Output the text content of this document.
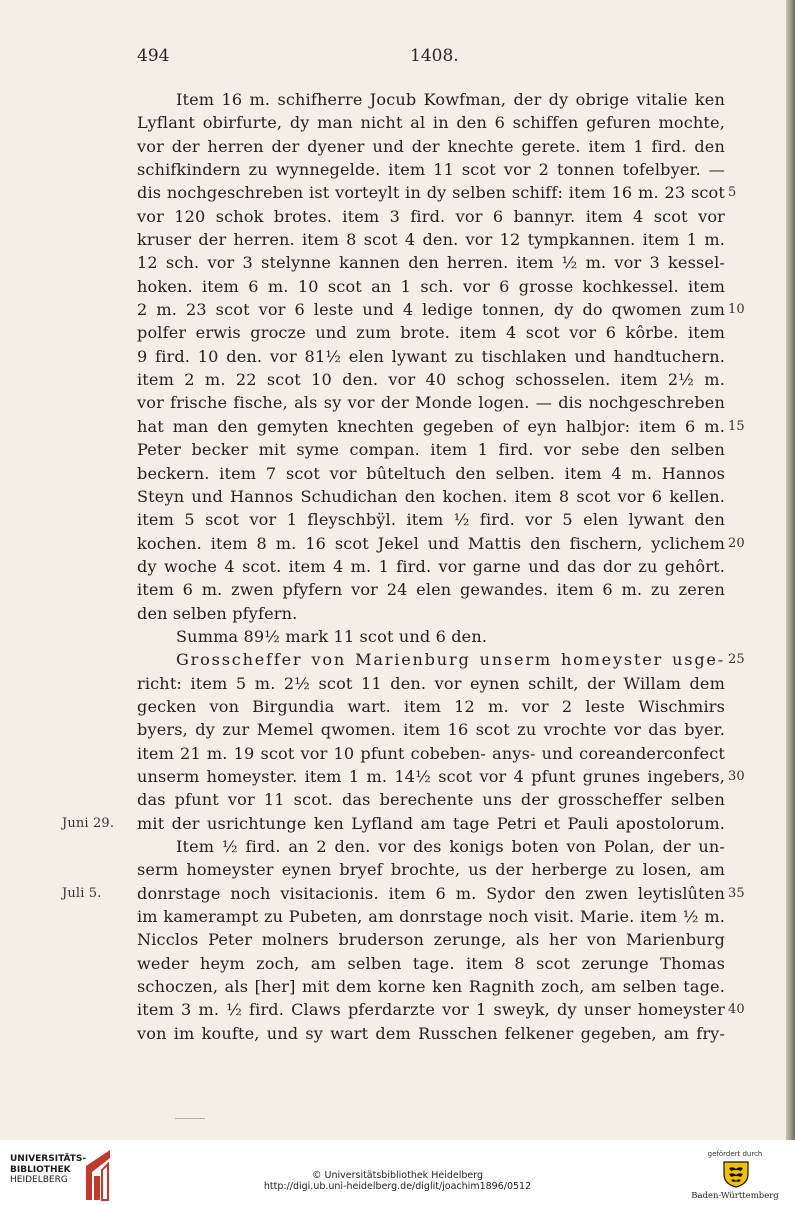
494	1408.
Item 16 m. schifherre Jocub Kowfman, der dy obrige vitalie ken
Lyflant obirfurte, dy man nicht al in den 6 schiffen gefuren mochte,
vor der herren der dyener und der knechte gerete. item 1 fird. den
schifkindern zu wynnegelde. item 11 scot vor 2 tonnen tofelbyer. —
dis nochgeschreben ist vorteylt in dy selben schiff: item 16 m. 23 scot 5
vor 120 schok brotes. item 3 fird. vor 6 bannyr. item 4 scot vor
kruser der herren. item 8 scot 4 den. vor 12 tympkannen. item 1 m.
12 sch. vor 3 stelynne kannen den herren. item ½ m. vor 3 kessel-
hoken. item 6 m. 10 scot an 1 sch. vor 6 grosse kochkessel. item
2 m. 23 scot vor 6 leste und 4 ledige tonnen, dy do qwomen zum 10
polfer erwis grocze und zum brote. item 4 scot vor 6 kôrbe. item
9 fird. 10 den. vor 81½ elen lywant zu tischlaken und handtuchern.
item 2 m. 22 scot 10 den. vor 40 schog schosselen. item 2½ m.
vor frische fische, als sy vor der Monde logen. — dis nochgeschreben
hat man den gemyten knechten gegeben of eyn halbjor: item 6 m. 15
Peter becker mit syme compan. item 1 fird. vor sebe den selben
beckern. item 7 scot vor bûteltuch den selben. item 4 m. Hannos
Steyn und Hannos Schudichan den kochen. item 8 scot vor 6 kellen.
item 5 scot vor 1 fleyschbÿl. item ½ fird. vor 5 elen lywant den
kochen. item 8 m. 16 scot Jekel und Mattis den fischern, yclichem 20
dy woche 4 scot. item 4 m. 1 fird. vor garne und das dor zu gehôrt.
item 6 m. zwen pfyfern vor 24 elen gewandes. item 6 m. zu zeren
den selben pfyfern.
Summa 89½ mark 11 scot und 6 den.
Grosscheffer von Marienburg unserm homeyster usge- 25
richt: item 5 m. 2½ scot 11 den. vor eynen schilt, der Willam dem
gecken von Birgundia wart. item 12 m. vor 2 leste Wischmirs
byers, dy zur Memel qwomen. item 16 scot zu vrochte vor das byer.
item 21 m. 19 scot vor 10 pfunt cobeben- anys- und coreanderconfect
unserm homeyster. item 1 m. 14½ scot vor 4 pfunt grunes ingebers, 30
das pfunt vor 11 scot. das berechente uns der grosscheffer selben
Juni 29.	mit der usrichtunge ken Lyfland am tage Petri et Pauli apostolorum.
Item ½ fird. an 2 den. vor des konigs boten von Polan, der un-
serm homeyster eynen bryef brochte, us der herberge zu losen, am
Juli 5.	donrstage noch visitacionis. item 6 m. Sydor den zwen leytislûten 35
im kamerampt zu Pubeten, am donrstage noch visit. Marie. item ½ m.
Nicclos Peter molners bruderson zerunge, als her von Marienburg
weder heym zoch, am selben tage. item 8 scot zerunge Thomas
schoczen, als [her] mit dem korne ken Ragnith zoch, am selben tage.
item 3 m. ½ fird. Claws pferdarzte vor 1 sweyk, dy unser homeyster 40
von im koufte, und sy wart dem Russchen felkener gegeben, am fry-
UNIVERSITÄTS-
BIBLIOTHEK
HEIDELBERG	© Universitätsbibliothek Heidelberg
http://digi.ub.uni-heidelberg.de/diglit/joachim1896/0512
gefördert durch
Baden-Württemberg
